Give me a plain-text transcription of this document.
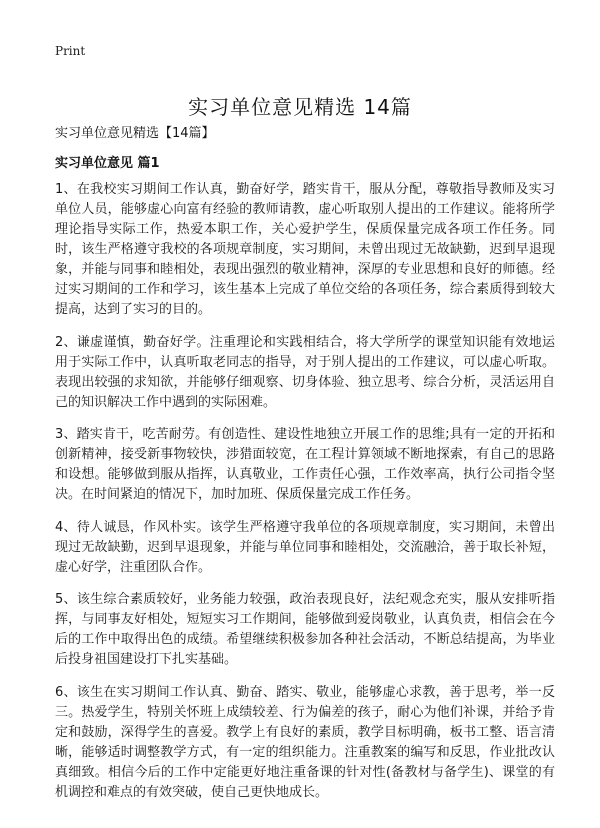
Print
实习单位意见精选 14篇
实习单位意见精选【14篇】
实习单位意见 篇1

1、在我校实习期间工作认真，勤奋好学，踏实肯干，服从分配，尊敬指导教师及实习单位人员，能够虚心向富有经验的教师请教，虚心听取别人提出的工作建议。能将所学理论指导实际工作，热爱本职工作，关心爱护学生，保质保量完成各项工作任务。同时，该生严格遵守我校的各项规章制度，实习期间，未曾出现过无故缺勤，迟到早退现象，并能与同事和睦相处，表现出强烈的敬业精神，深厚的专业思想和良好的师德。经过实习期间的工作和学习，该生基本上完成了单位交给的各项任务，综合素质得到较大提高，达到了实习的目的。

2、谦虚谨慎，勤奋好学。注重理论和实践相结合，将大学所学的课堂知识能有效地运用于实际工作中，认真听取老同志的指导，对于别人提出的工作建议，可以虚心听取。表现出较强的求知欲，并能够仔细观察、切身体验、独立思考、综合分析，灵活运用自己的知识解决工作中遇到的实际困难。

3、踏实肯干，吃苦耐劳。有创造性、建设性地独立开展工作的思维;具有一定的开拓和创新精神，接受新事物较快，涉猎面较宽，在工程计算领域不断地探索，有自己的思路和设想。能够做到服从指挥，认真敬业，工作责任心强，工作效率高，执行公司指令坚决。在时间紧迫的情况下，加时加班、保质保量完成工作任务。

4、待人诚恳，作风朴实。该学生严格遵守我单位的各项规章制度，实习期间，未曾出现过无故缺勤，迟到早退现象，并能与单位同事和睦相处，交流融洽，善于取长补短，虚心好学，注重团队合作。

5、该生综合素质较好，业务能力较强，政治表现良好，法纪观念充实，服从安排听指挥，与同事友好相处，短短实习工作期间，能够做到爱岗敬业，认真负责，相信会在今后的工作中取得出色的成绩。希望继续积极参加各种社会活动，不断总结提高，为毕业后投身祖国建设打下扎实基础。

6、该生在实习期间工作认真、勤奋、踏实、敬业，能够虚心求教，善于思考，举一反三。热爱学生，特别关怀班上成绩较差、行为偏差的孩子，耐心为他们补课，并给予肯定和鼓励，深得学生的喜爱。教学上有良好的素质，教学目标明确，板书工整、语言清晰，能够适时调整教学方式，有一定的组织能力。注重教案的编写和反思，作业批改认真细致。相信今后的工作中定能更好地注重备课的针对性(备教材与备学生)、课堂的有机调控和难点的有效突破，使自己更快地成长。
